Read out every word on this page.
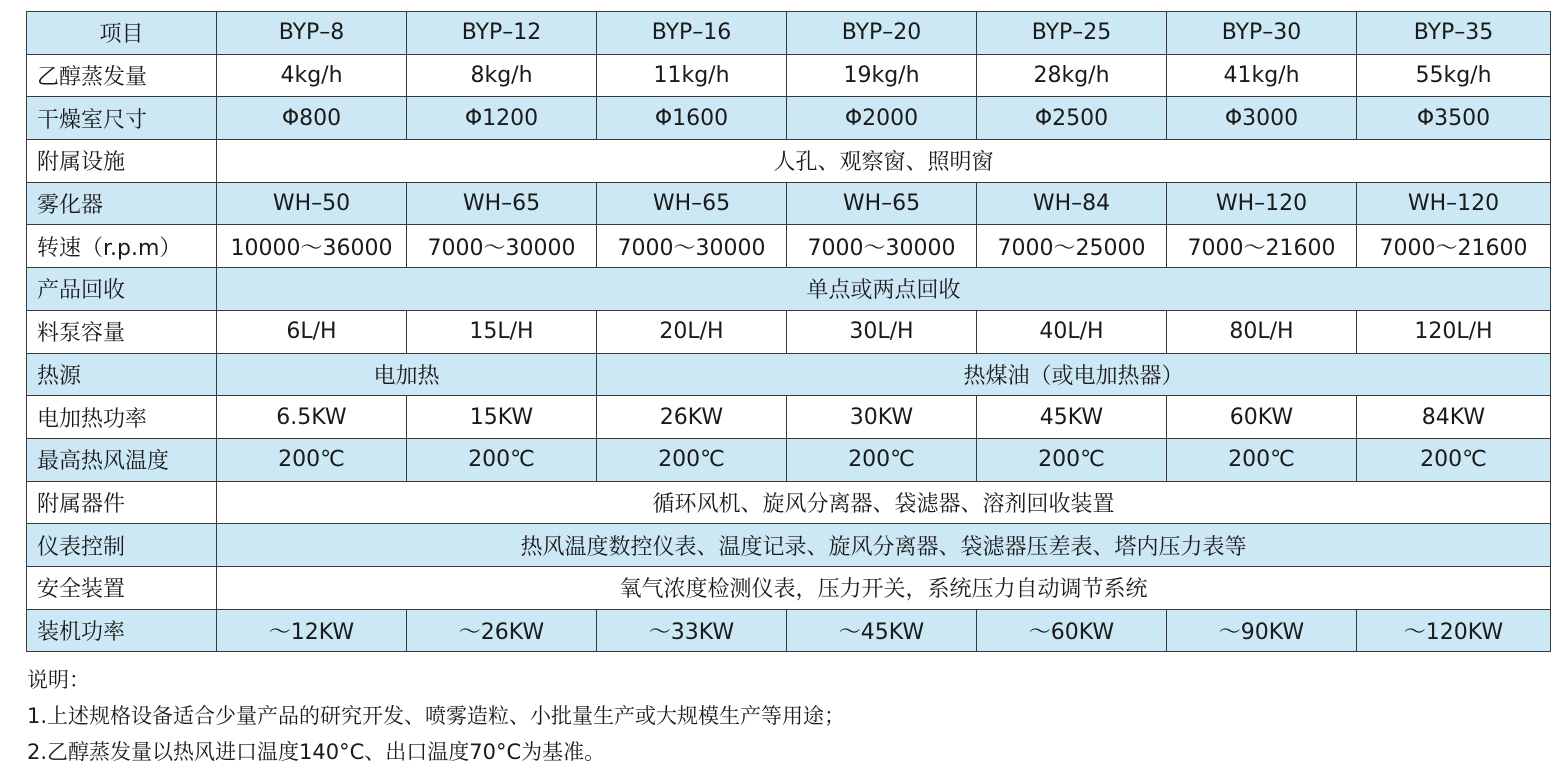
项目	BYP–8	BYP–12	BYP–16	BYP–20	BYP–25	BYP–30	BYP–35
乙醇蒸发量	4kg/h	8kg/h	11kg/h	19kg/h	28kg/h	41kg/h	55kg/h
干燥室尺寸	Φ800	Φ1200	Φ1600	Φ2000	Φ2500	Φ3000	Φ3500
附属设施	人孔、观察窗、照明窗						
雾化器	WH–50	WH–65	WH–65	WH–65	WH–84	WH–120	WH–120
转速（r.p.m）	10000～36000	7000～30000	7000～30000	7000～30000	7000～25000	7000～21600	7000～21600
产品回收	单点或两点回收						
料泵容量	6L/H	15L/H	20L/H	30L/H	40L/H	80L/H	120L/H
热源	电加热		热煤油（或电加热器）				
电加热功率	6.5KW	15KW	26KW	30KW	45KW	60KW	84KW
最高热风温度	200℃	200℃	200℃	200℃	200℃	200℃	200℃
附属器件	循环风机、旋风分离器、袋滤器、溶剂回收装置						
仪表控制	热风温度数控仪表、温度记录、旋风分离器、袋滤器压差表、塔内压力表等						
安全装置	氧气浓度检测仪表，压力开关，系统压力自动调节系统						
装机功率	～12KW	～26KW	～33KW	～45KW	～60KW	～90KW	～120KW
说明：
1.上述规格设备适合少量产品的研究开发、喷雾造粒、小批量生产或大规模生产等用途；
2.乙醇蒸发量以热风进口温度140°C、出口温度70°C为基准。
